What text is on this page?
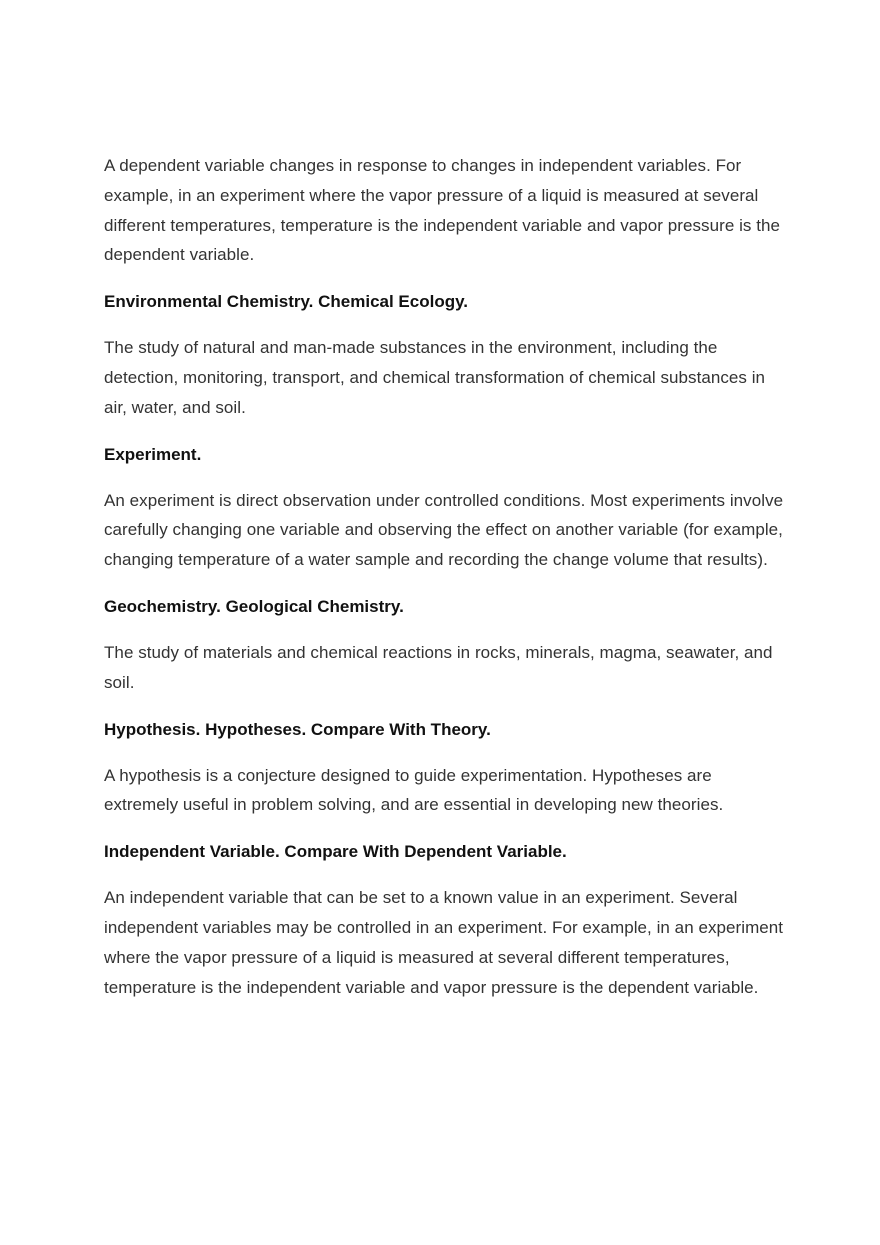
A dependent variable changes in response to changes in independent variables. For example, in an experiment where the vapor pressure of a liquid is measured at several different temperatures, temperature is the independent variable and vapor pressure is the dependent variable.

Environmental Chemistry. Chemical Ecology.

The study of natural and man-made substances in the environment, including the detection, monitoring, transport, and chemical transformation of chemical substances in air, water, and soil.

Experiment.

An experiment is direct observation under controlled conditions. Most experiments involve carefully changing one variable and observing the effect on another variable (for example, changing temperature of a water sample and recording the change volume that results).

Geochemistry. Geological Chemistry.

The study of materials and chemical reactions in rocks, minerals, magma, seawater, and soil.

Hypothesis. Hypotheses. Compare With Theory.

A hypothesis is a conjecture designed to guide experimentation. Hypotheses are extremely useful in problem solving, and are essential in developing new theories.

Independent Variable. Compare With Dependent Variable.

An independent variable that can be set to a known value in an experiment. Several independent variables may be controlled in an experiment. For example, in an experiment where the vapor pressure of a liquid is measured at several different temperatures, temperature is the independent variable and vapor pressure is the dependent variable.
